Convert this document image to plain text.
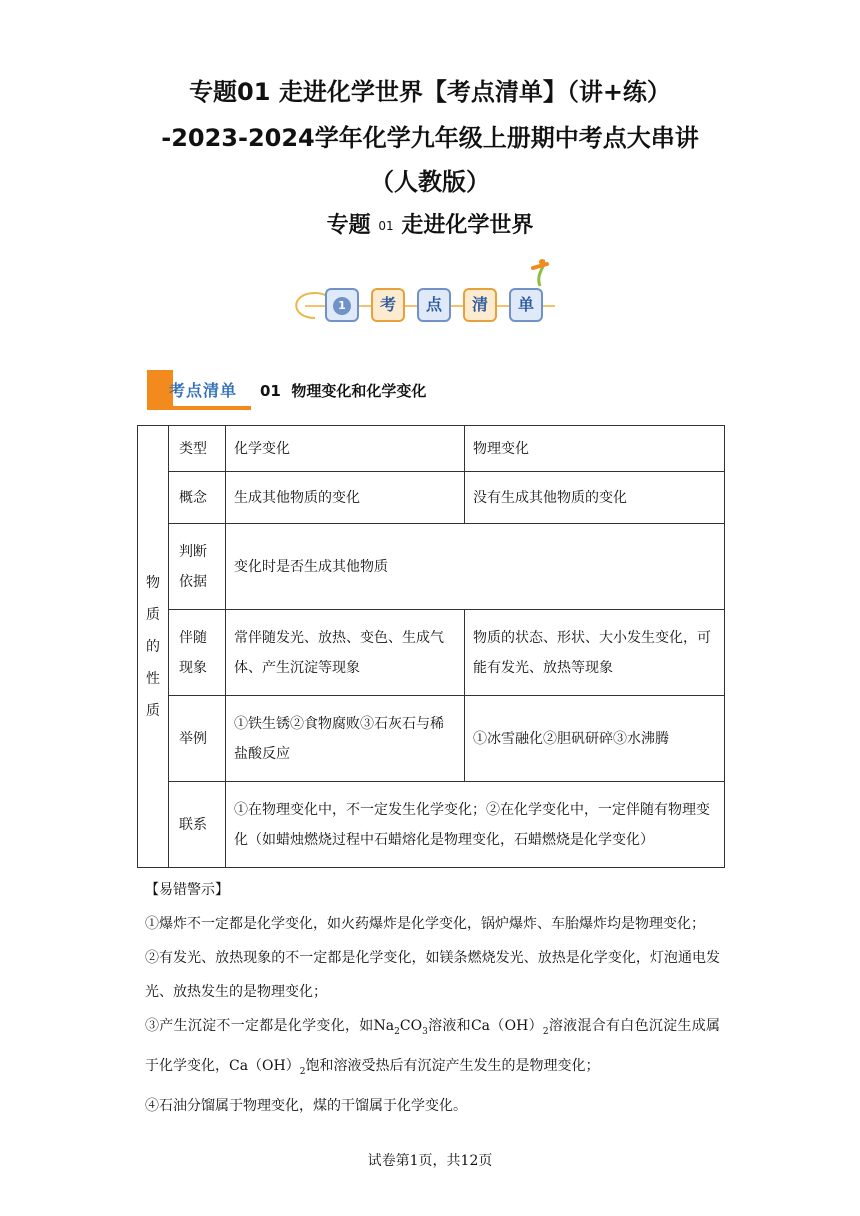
专题01 走进化学世界【考点清单】（讲+练）
-2023-2024学年化学九年级上册期中考点大串讲
（人教版）
专题 01 走进化学世界
1	考	点	清	单
考点清单 01 物理变化和化学变化
物
质
的
性
质	类型	化学变化	物理变化
	概念	生成其他物质的变化	没有生成其他物质的变化
	判断
依据	变化时是否生成其他物质	
	伴随
现象	常伴随发光、放热、变色、生成气体、产生沉淀等现象	物质的状态、形状、大小发生变化，可能有发光、放热等现象
	举例	①铁生锈②食物腐败③石灰石与稀盐酸反应	①冰雪融化②胆矾研碎③水沸腾
	联系	①在物理变化中，不一定发生化学变化；②在化学变化中，一定伴随有物理变化（如蜡烛燃烧过程中石蜡熔化是物理变化，石蜡燃烧是化学变化）	

【易错警示】

①爆炸不一定都是化学变化，如火药爆炸是化学变化，锅炉爆炸、车胎爆炸均是物理变化；

②有发光、放热现象的不一定都是化学变化，如镁条燃烧发光、放热是化学变化，灯泡通电发光、放热发生的是物理变化；

③产生沉淀不一定都是化学变化，如$Na_2CO_3$溶液和$Ca(OH)_2$溶液混合有白色沉淀生成属于化学变化，$Ca(OH)_2$饱和溶液受热后有沉淀产生发生的是物理变化；

④石油分馏属于物理变化，煤的干馏属于化学变化。

试卷第1页，共12页
